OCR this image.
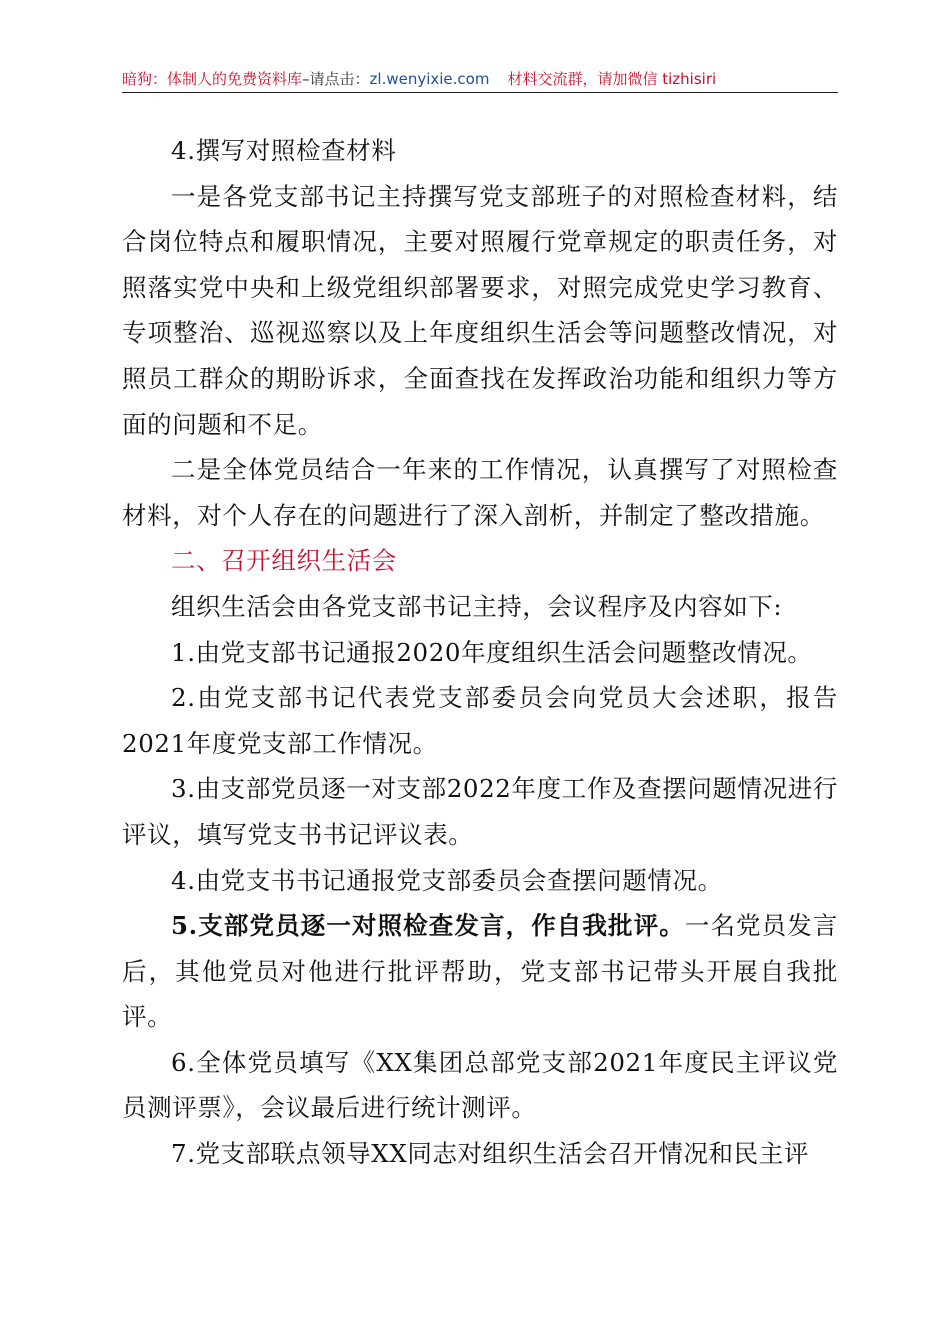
暗狗：体制人的免费资料库–请点击：zl.wenyixie.com 材料交流群，请加微信 tizhisiri

4.撰写对照检查材料

一是各党支部书记主持撰写党支部班子的对照检查材料，结合岗位特点和履职情况，主要对照履行党章规定的职责任务，对照落实党中央和上级党组织部署要求，对照完成党史学习教育、专项整治、巡视巡察以及上年度组织生活会等问题整改情况，对照员工群众的期盼诉求，全面查找在发挥政治功能和组织力等方面的问题和不足。

二是全体党员结合一年来的工作情况，认真撰写了对照检查材料，对个人存在的问题进行了深入剖析，并制定了整改措施。

二、召开组织生活会

组织生活会由各党支部书记主持，会议程序及内容如下:

1.由党支部书记通报2020年度组织生活会问题整改情况。

2.由党支部书记代表党支部委员会向党员大会述职，报告2021年度党支部工作情况。

3.由支部党员逐一对支部2022年度工作及查摆问题情况进行评议，填写党支书书记评议表。

4.由党支书书记通报党支部委员会查摆问题情况。

5.支部党员逐一对照检查发言，作自我批评。一名党员发言后，其他党员对他进行批评帮助，党支部书记带头开展自我批评。

6.全体党员填写《XX集团总部党支部2021年度民主评议党员测评票》，会议最后进行统计测评。

7.党支部联点领导XX同志对组织生活会召开情况和民主评
